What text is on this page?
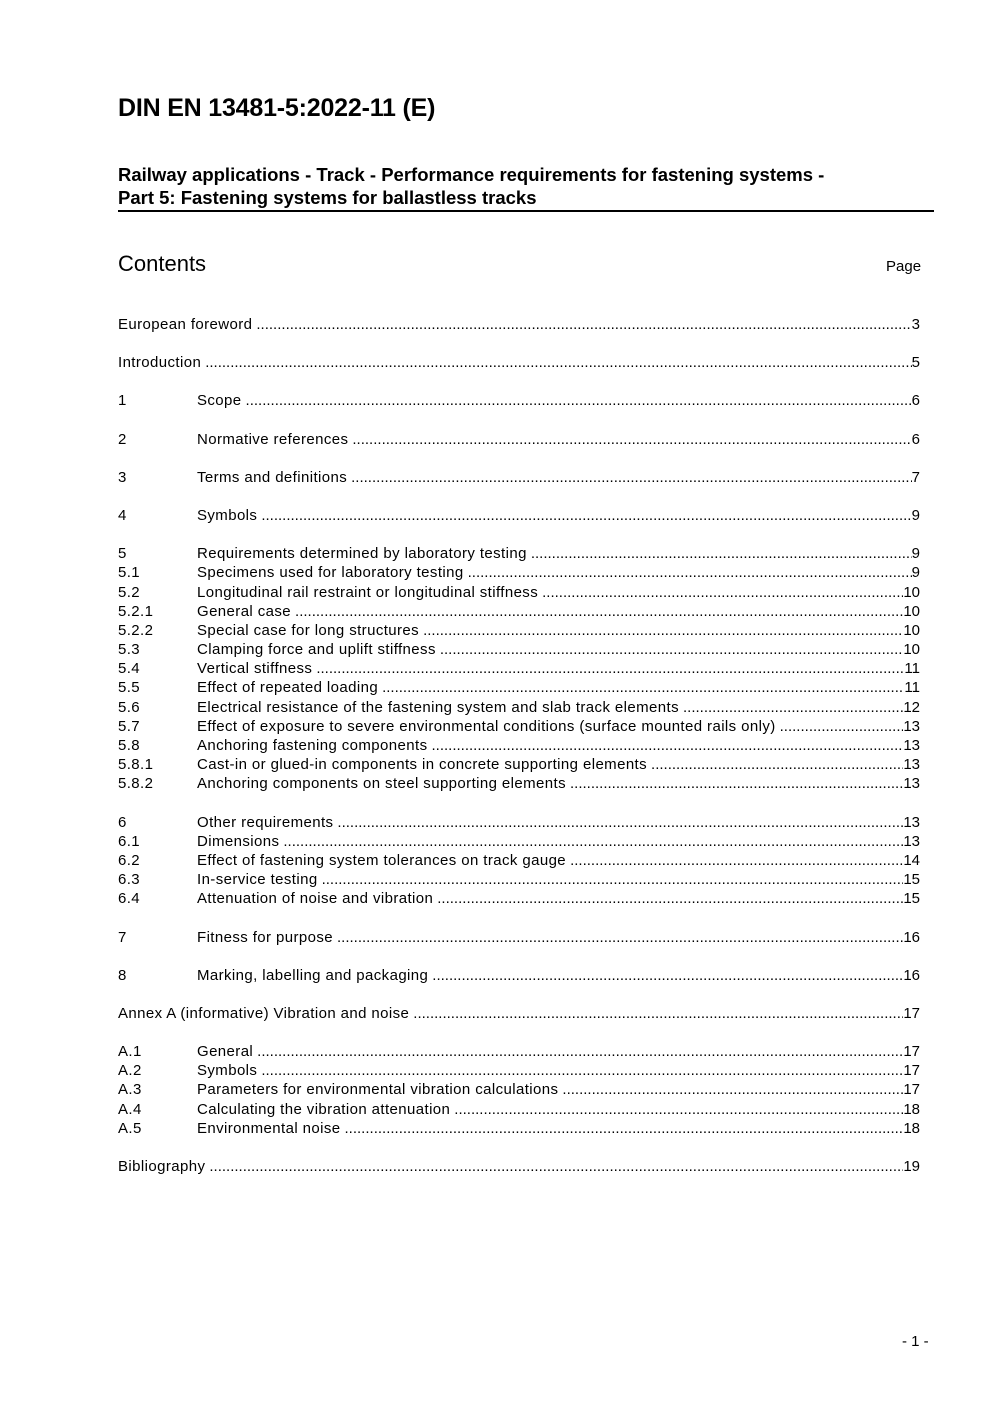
DIN EN 13481-5:2022-11 (E)
Railway applications - Track - Performance requirements for fastening systems -
Part 5: Fastening systems for ballastless tracks
Contents	Page
European foreword .....	3
Introduction .....	5
1	Scope .....	6
2	Normative references .....	6
3	Terms and definitions .....	7
4	Symbols .....	9
5	Requirements determined by laboratory testing .....	9
5.1	Specimens used for laboratory testing .....	9
5.2	Longitudinal rail restraint or longitudinal stiffness .....	10
5.2.1	General case .....	10
5.2.2	Special case for long structures .....	10
5.3	Clamping force and uplift stiffness .....	10
5.4	Vertical stiffness .....	11
5.5	Effect of repeated loading .....	11
5.6	Electrical resistance of the fastening system and slab track elements .....	12
5.7	Effect of exposure to severe environmental conditions (surface mounted rails only) .....	13
5.8	Anchoring fastening components .....	13
5.8.1	Cast-in or glued-in components in concrete supporting elements .....	13
5.8.2	Anchoring components on steel supporting elements .....	13
6	Other requirements .....	13
6.1	Dimensions .....	13
6.2	Effect of fastening system tolerances on track gauge .....	14
6.3	In-service testing .....	15
6.4	Attenuation of noise and vibration .....	15
7	Fitness for purpose .....	16
8	Marking, labelling and packaging .....	16
Annex A (informative) Vibration and noise .....	17
A.1	General .....	17
A.2	Symbols .....	17
A.3	Parameters for environmental vibration calculations .....	17
A.4	Calculating the vibration attenuation .....	18
A.5	Environmental noise .....	18
Bibliography .....	19
- 1 -
